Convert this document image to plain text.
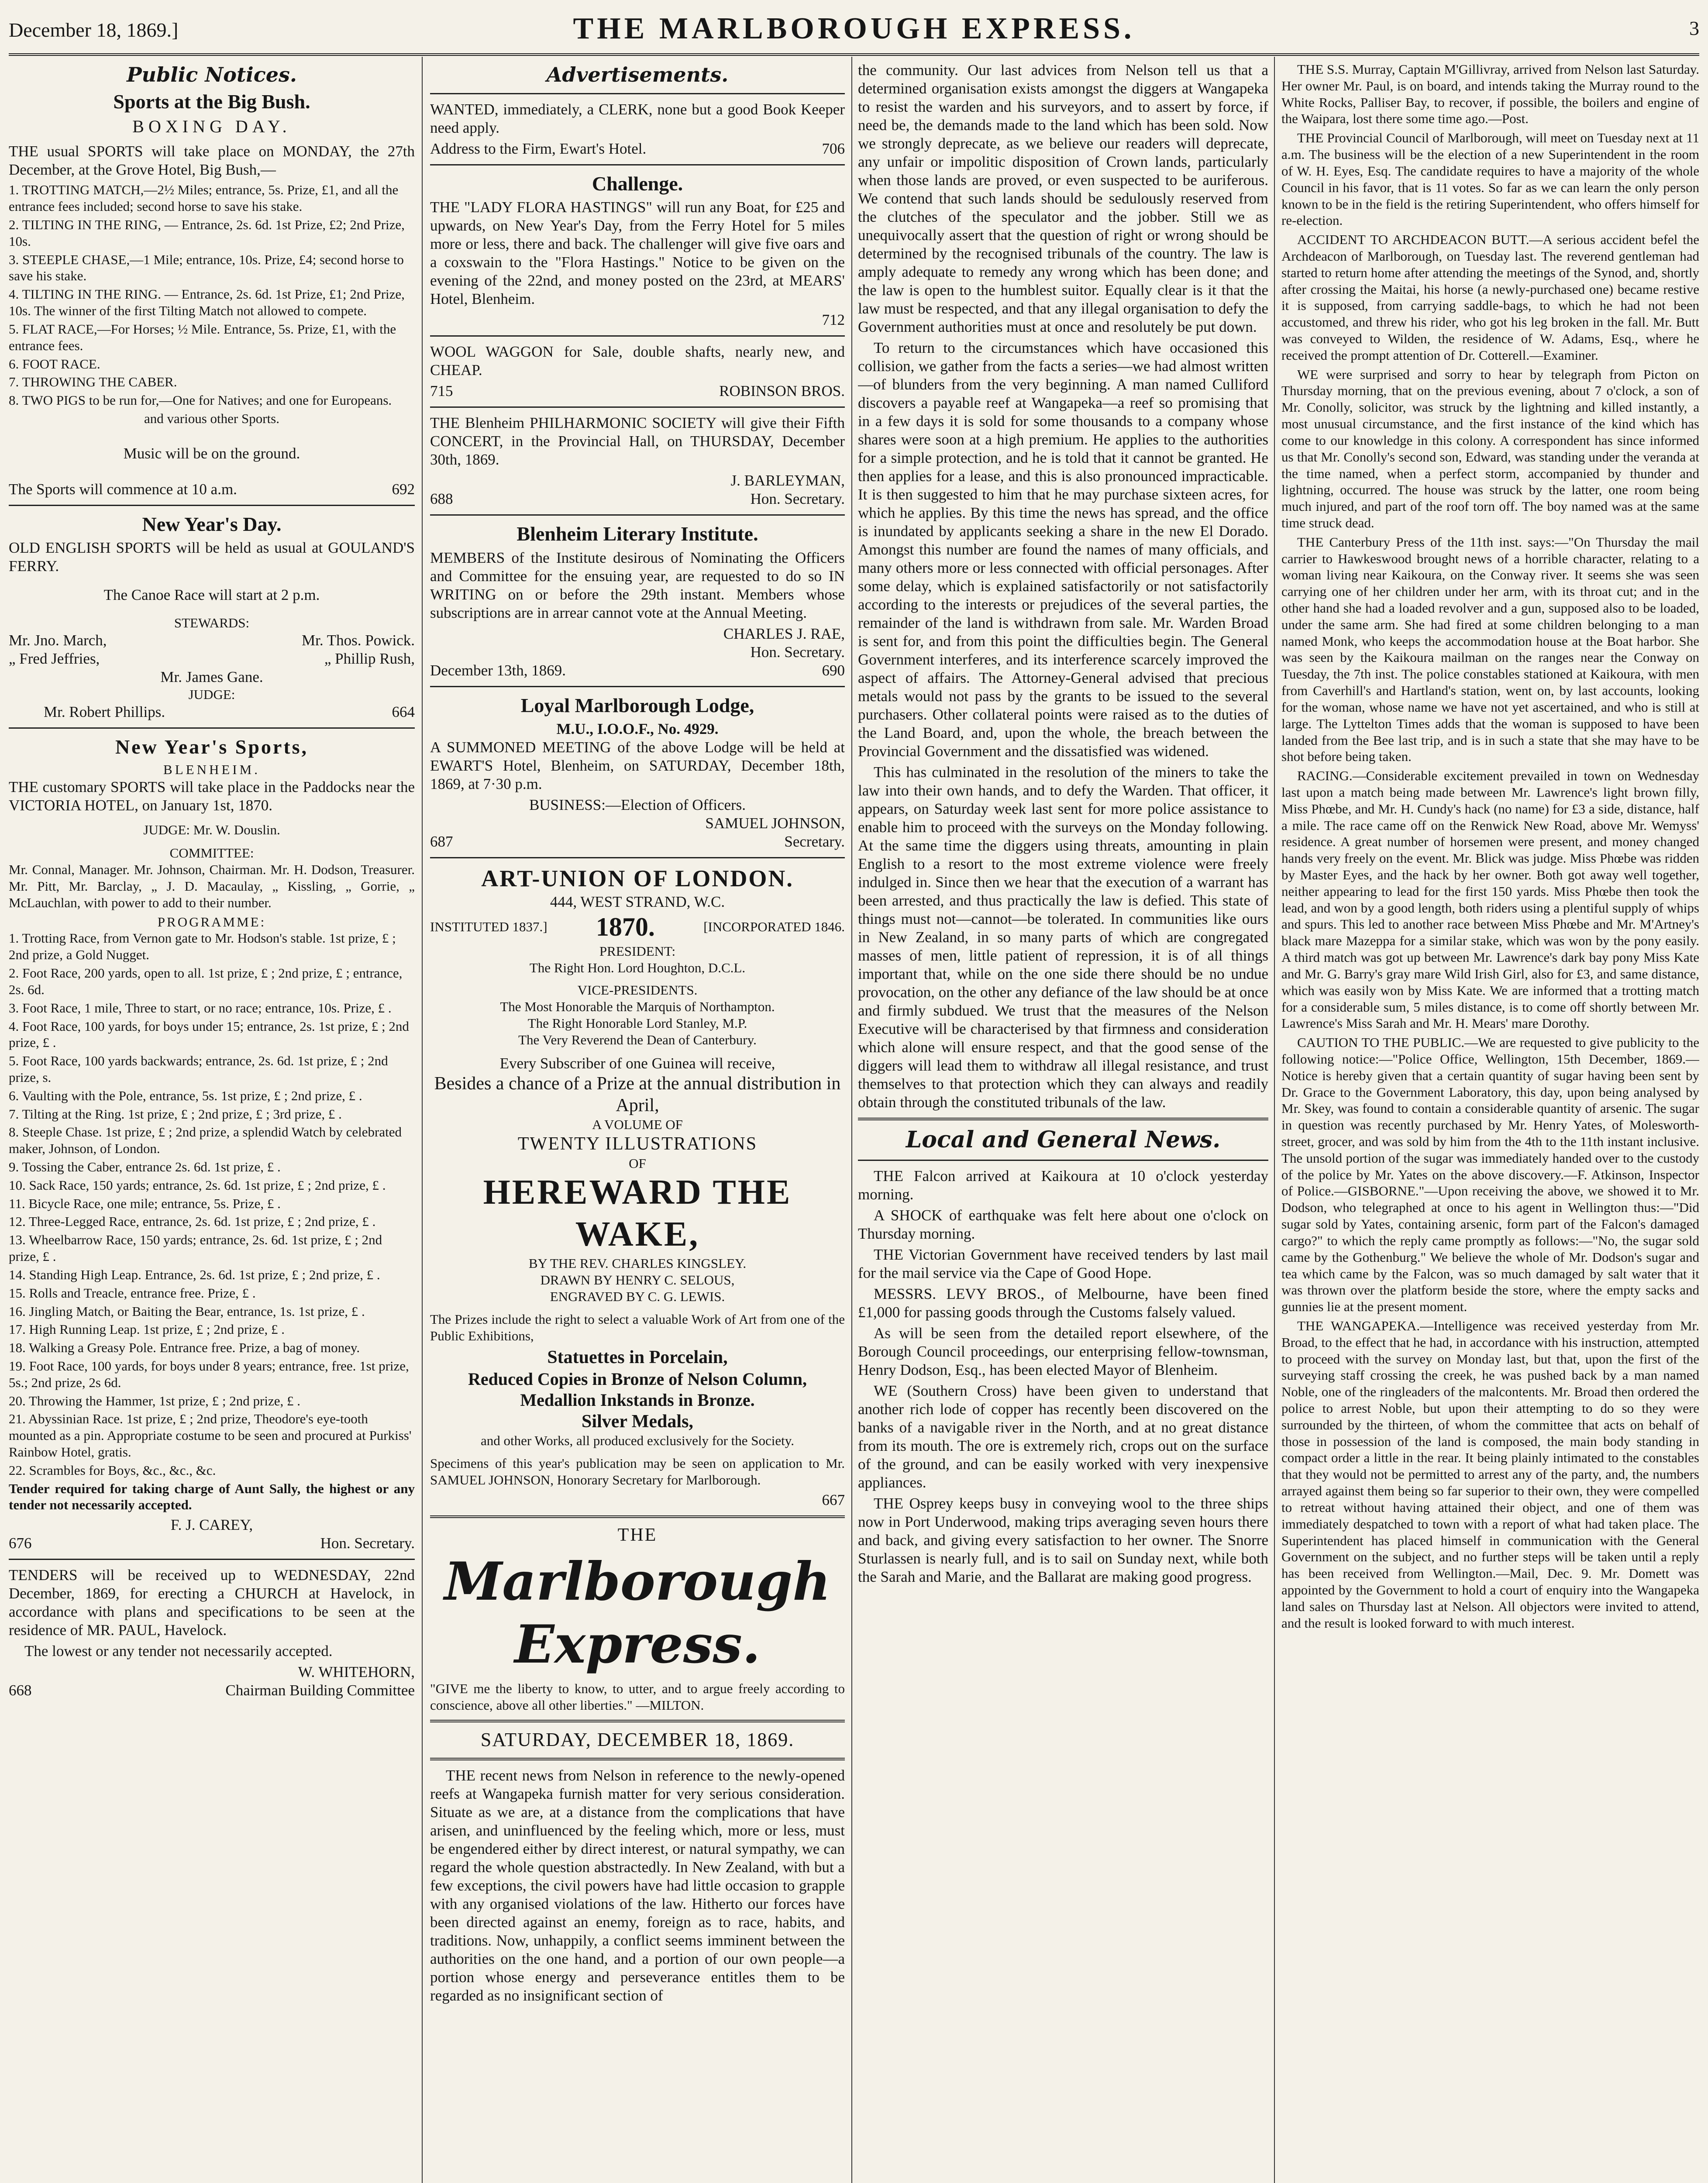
December 18, 1869.]	THE MARLBOROUGH EXPRESS.	3
Public Notices.
Sports at the Big Bush.
BOXING DAY.

THE usual SPORTS will take place on MONDAY, the 27th December, at the Grove Hotel, Big Bush,—

1. TROTTING MATCH,—2½ Miles; entrance, 5s. Prize, £1, and all the entrance fees included; second horse to save his stake.

2. TILTING IN THE RING, — Entrance, 2s. 6d. 1st Prize, £2; 2nd Prize, 10s.

3. STEEPLE CHASE,—1 Mile; entrance, 10s. Prize, £4; second horse to save his stake.

4. TILTING IN THE RING. — Entrance, 2s. 6d. 1st Prize, £1; 2nd Prize, 10s. The winner of the first Tilting Match not allowed to compete.

5. FLAT RACE,—For Horses; ½ Mile. Entrance, 5s. Prize, £1, with the entrance fees.

6. FOOT RACE.

7. THROWING THE CABER.

8. TWO PIGS to be run for,—One for Natives; and one for Europeans.

and various other Sports.
Music will be on the ground.
The Sports will commence at 10 a.m.	692
New Year's Day.

OLD ENGLISH SPORTS will be held as usual at GOULAND'S FERRY.

The Canoe Race will start at 2 p.m.
STEWARDS:
Mr. Jno. March,	Mr. Thos. Powick.
„ Fred Jeffries,	„ Phillip Rush,
Mr. James Gane.
JUDGE:
Mr. Robert Phillips.	664
New Year's Sports,
BLENHEIM.

THE customary SPORTS will take place in the Paddocks near the VICTORIA HOTEL, on January 1st, 1870.

JUDGE: Mr. W. Douslin.
COMMITTEE:

Mr. Connal, Manager. Mr. Johnson, Chairman. Mr. H. Dodson, Treasurer. Mr. Pitt, Mr. Barclay, „ J. D. Macaulay, „ Kissling, „ Gorrie, „ McLauchlan, with power to add to their number.

PROGRAMME:

1. Trotting Race, from Vernon gate to Mr. Hodson's stable. 1st prize, £ ; 2nd prize, a Gold Nugget.

2. Foot Race, 200 yards, open to all. 1st prize, £ ; 2nd prize, £ ; entrance, 2s. 6d.

3. Foot Race, 1 mile, Three to start, or no race; entrance, 10s. Prize, £ .

4. Foot Race, 100 yards, for boys under 15; entrance, 2s. 1st prize, £ ; 2nd prize, £ .

5. Foot Race, 100 yards backwards; entrance, 2s. 6d. 1st prize, £ ; 2nd prize, s.

6. Vaulting with the Pole, entrance, 5s. 1st prize, £ ; 2nd prize, £ .

7. Tilting at the Ring. 1st prize, £ ; 2nd prize, £ ; 3rd prize, £ .

8. Steeple Chase. 1st prize, £ ; 2nd prize, a splendid Watch by celebrated maker, Johnson, of London.

9. Tossing the Caber, entrance 2s. 6d. 1st prize, £ .

10. Sack Race, 150 yards; entrance, 2s. 6d. 1st prize, £ ; 2nd prize, £ .

11. Bicycle Race, one mile; entrance, 5s. Prize, £ .

12. Three-Legged Race, entrance, 2s. 6d. 1st prize, £ ; 2nd prize, £ .

13. Wheelbarrow Race, 150 yards; entrance, 2s. 6d. 1st prize, £ ; 2nd prize, £ .

14. Standing High Leap. Entrance, 2s. 6d. 1st prize, £ ; 2nd prize, £ .

15. Rolls and Treacle, entrance free. Prize, £ .

16. Jingling Match, or Baiting the Bear, entrance, 1s. 1st prize, £ .

17. High Running Leap. 1st prize, £ ; 2nd prize, £ .

18. Walking a Greasy Pole. Entrance free. Prize, a bag of money.

19. Foot Race, 100 yards, for boys under 8 years; entrance, free. 1st prize, 5s.; 2nd prize, 2s 6d.

20. Throwing the Hammer, 1st prize, £ ; 2nd prize, £ .

21. Abyssinian Race. 1st prize, £ ; 2nd prize, Theodore's eye-tooth mounted as a pin. Appropriate costume to be seen and procured at Purkiss' Rainbow Hotel, gratis.

22. Scrambles for Boys, &c., &c., &c.

Tender required for taking charge of Aunt Sally, the highest or any tender not necessarily accepted.

F. J. CAREY,
676	Hon. Secretary.

TENDERS will be received up to WEDNESDAY, 22nd December, 1869, for erecting a CHURCH at Havelock, in accordance with plans and specifications to be seen at the residence of MR. PAUL, Havelock.

The lowest or any tender not necessarily accepted.

W. WHITEHORN,
668	Chairman Building Committee
Advertisements.

WANTED, immediately, a CLERK, none but a good Book Keeper need apply.

Address to the Firm, Ewart's Hotel.	706
Challenge.

THE "LADY FLORA HASTINGS" will run any Boat, for £25 and upwards, on New Year's Day, from the Ferry Hotel for 5 miles more or less, there and back. The challenger will give five oars and a coxswain to the "Flora Hastings." Notice to be given on the evening of the 22nd, and money posted on the 23rd, at MEARS' Hotel, Blenheim.

712

WOOL WAGGON for Sale, double shafts, nearly new, and CHEAP.

715	ROBINSON BROS.

THE Blenheim PHILHARMONIC SOCIETY will give their Fifth CONCERT, in the Provincial Hall, on THURSDAY, December 30th, 1869.

J. BARLEYMAN,
688	Hon. Secretary.
Blenheim Literary Institute.

MEMBERS of the Institute desirous of Nominating the Officers and Committee for the ensuing year, are requested to do so IN WRITING on or before the 29th instant. Members whose subscriptions are in arrear cannot vote at the Annual Meeting.

CHARLES J. RAE,
Hon. Secretary.
December 13th, 1869.	690
Loyal Marlborough Lodge,
M.U., I.O.O.F., No. 4929.

A SUMMONED MEETING of the above Lodge will be held at EWART'S Hotel, Blenheim, on SATURDAY, December 18th, 1869, at 7·30 p.m.

BUSINESS:—Election of Officers.
SAMUEL JOHNSON,
687	Secretary.
ART-UNION OF LONDON.
444, WEST STRAND, W.C.
INSTITUTED 1837.] 1870.	[INCORPORATED 1846.
PRESIDENT:
The Right Hon. Lord Houghton, D.C.L.
VICE-PRESIDENTS.
The Most Honorable the Marquis of Northampton.
The Right Honorable Lord Stanley, M.P.
The Very Reverend the Dean of Canterbury.
Every Subscriber of one Guinea will receive,
Besides a chance of a Prize at the annual distribution in April,
A VOLUME OF
TWENTY ILLUSTRATIONS
OF
HEREWARD THE WAKE,
BY THE REV. CHARLES KINGSLEY.
DRAWN BY HENRY C. SELOUS,
ENGRAVED BY C. G. LEWIS.

The Prizes include the right to select a valuable Work of Art from one of the Public Exhibitions,

Statuettes in Porcelain,
Reduced Copies in Bronze of Nelson Column, Medallion Inkstands in Bronze.
Silver Medals,
and other Works, all produced exclusively for the Society.

Specimens of this year's publication may be seen on application to Mr. SAMUEL JOHNSON, Honorary Secretary for Marlborough.

667
THE
Marlborough Express.

"GIVE me the liberty to know, to utter, and to argue freely according to conscience, above all other liberties." —MILTON.

SATURDAY, DECEMBER 18, 1869.

THE recent news from Nelson in reference to the newly-opened reefs at Wangapeka furnish matter for very serious consideration. Situate as we are, at a distance from the complications that have arisen, and uninfluenced by the feeling which, more or less, must be engendered either by direct interest, or natural sympathy, we can regard the whole question abstractedly. In New Zealand, with but a few exceptions, the civil powers have had little occasion to grapple with any organised violations of the law. Hitherto our forces have been directed against an enemy, foreign as to race, habits, and traditions. Now, unhappily, a conflict seems imminent between the authorities on the one hand, and a portion of our own people—a portion whose energy and perseverance entitles them to be regarded as no insignificant section of

the community. Our last advices from Nelson tell us that a determined organisation exists amongst the diggers at Wangapeka to resist the warden and his surveyors, and to assert by force, if need be, the demands made to the land which has been sold. Now we strongly deprecate, as we believe our readers will deprecate, any unfair or impolitic disposition of Crown lands, particularly when those lands are proved, or even suspected to be auriferous. We contend that such lands should be sedulously reserved from the clutches of the speculator and the jobber. Still we as unequivocally assert that the question of right or wrong should be determined by the recognised tribunals of the country. The law is amply adequate to remedy any wrong which has been done; and the law is open to the humblest suitor. Equally clear is it that the law must be respected, and that any illegal organisation to defy the Government authorities must at once and resolutely be put down.

To return to the circumstances which have occasioned this collision, we gather from the facts a series—we had almost written—of blunders from the very beginning. A man named Culliford discovers a payable reef at Wangapeka—a reef so promising that in a few days it is sold for some thousands to a company whose shares were soon at a high premium. He applies to the authorities for a simple protection, and he is told that it cannot be granted. He then applies for a lease, and this is also pronounced impracticable. It is then suggested to him that he may purchase sixteen acres, for which he applies. By this time the news has spread, and the office is inundated by applicants seeking a share in the new El Dorado. Amongst this number are found the names of many officials, and many others more or less connected with official personages. After some delay, which is explained satisfactorily or not satisfactorily according to the interests or prejudices of the several parties, the remainder of the land is withdrawn from sale. Mr. Warden Broad is sent for, and from this point the difficulties begin. The General Government interferes, and its interference scarcely improved the aspect of affairs. The Attorney-General advised that precious metals would not pass by the grants to be issued to the several purchasers. Other collateral points were raised as to the duties of the Land Board, and, upon the whole, the breach between the Provincial Government and the dissatisfied was widened.

This has culminated in the resolution of the miners to take the law into their own hands, and to defy the Warden. That officer, it appears, on Saturday week last sent for more police assistance to enable him to proceed with the surveys on the Monday following. At the same time the diggers using threats, amounting in plain English to a resort to the most extreme violence were freely indulged in. Since then we hear that the execution of a warrant has been arrested, and thus practically the law is defied. This state of things must not—cannot—be tolerated. In communities like ours in New Zealand, in so many parts of which are congregated masses of men, little patient of repression, it is of all things important that, while on the one side there should be no undue provocation, on the other any defiance of the law should be at once and firmly subdued. We trust that the measures of the Nelson Executive will be characterised by that firmness and consideration which alone will ensure respect, and that the good sense of the diggers will lead them to withdraw all illegal resistance, and trust themselves to that protection which they can always and readily obtain through the constituted tribunals of the law.

Local and General News.

THE Falcon arrived at Kaikoura at 10 o'clock yesterday morning.

A SHOCK of earthquake was felt here about one o'clock on Thursday morning.

THE Victorian Government have received tenders by last mail for the mail service via the Cape of Good Hope.

MESSRS. LEVY BROS., of Melbourne, have been fined £1,000 for passing goods through the Customs falsely valued.

As will be seen from the detailed report elsewhere, of the Borough Council proceedings, our enterprising fellow-townsman, Henry Dodson, Esq., has been elected Mayor of Blenheim.

WE (Southern Cross) have been given to understand that another rich lode of copper has recently been discovered on the banks of a navigable river in the North, and at no great distance from its mouth. The ore is extremely rich, crops out on the surface of the ground, and can be easily worked with very inexpensive appliances.

THE Osprey keeps busy in conveying wool to the three ships now in Port Underwood, making trips averaging seven hours there and back, and giving every satisfaction to her owner. The Snorre Sturlassen is nearly full, and is to sail on Sunday next, while both the Sarah and Marie, and the Ballarat are making good progress.

THE S.S. Murray, Captain M'Gillivray, arrived from Nelson last Saturday. Her owner Mr. Paul, is on board, and intends taking the Murray round to the White Rocks, Palliser Bay, to recover, if possible, the boilers and engine of the Waipara, lost there some time ago.—Post.

THE Provincial Council of Marlborough, will meet on Tuesday next at 11 a.m. The business will be the election of a new Superintendent in the room of W. H. Eyes, Esq. The candidate requires to have a majority of the whole Council in his favor, that is 11 votes. So far as we can learn the only person known to be in the field is the retiring Superintendent, who offers himself for re-election.

ACCIDENT TO ARCHDEACON BUTT.—A serious accident befel the Archdeacon of Marlborough, on Tuesday last. The reverend gentleman had started to return home after attending the meetings of the Synod, and, shortly after crossing the Maitai, his horse (a newly-purchased one) became restive it is supposed, from carrying saddle-bags, to which he had not been accustomed, and threw his rider, who got his leg broken in the fall. Mr. Butt was conveyed to Wilden, the residence of W. Adams, Esq., where he received the prompt attention of Dr. Cotterell.—Examiner.

WE were surprised and sorry to hear by telegraph from Picton on Thursday morning, that on the previous evening, about 7 o'clock, a son of Mr. Conolly, solicitor, was struck by the lightning and killed instantly, a most unusual circumstance, and the first instance of the kind which has come to our knowledge in this colony. A correspondent has since informed us that Mr. Conolly's second son, Edward, was standing under the veranda at the time named, when a perfect storm, accompanied by thunder and lightning, occurred. The house was struck by the latter, one room being much injured, and part of the roof torn off. The boy named was at the same time struck dead.

THE Canterbury Press of the 11th inst. says:—"On Thursday the mail carrier to Hawkeswood brought news of a horrible character, relating to a woman living near Kaikoura, on the Conway river. It seems she was seen carrying one of her children under her arm, with its throat cut; and in the other hand she had a loaded revolver and a gun, supposed also to be loaded, under the same arm. She had fired at some children belonging to a man named Monk, who keeps the accommodation house at the Boat harbor. She was seen by the Kaikoura mailman on the ranges near the Conway on Tuesday, the 7th inst. The police constables stationed at Kaikoura, with men from Caverhill's and Hartland's station, went on, by last accounts, looking for the woman, whose name we have not yet ascertained, and who is still at large. The Lyttelton Times adds that the woman is supposed to have been landed from the Bee last trip, and is in such a state that she may have to be shot before being taken.

RACING.—Considerable excitement prevailed in town on Wednesday last upon a match being made between Mr. Lawrence's light brown filly, Miss Phœbe, and Mr. H. Cundy's hack (no name) for £3 a side, distance, half a mile. The race came off on the Renwick New Road, above Mr. Wemyss' residence. A great number of horsemen were present, and money changed hands very freely on the event. Mr. Blick was judge. Miss Phœbe was ridden by Master Eyes, and the hack by her owner. Both got away well together, neither appearing to lead for the first 150 yards. Miss Phœbe then took the lead, and won by a good length, both riders using a plentiful supply of whips and spurs. This led to another race between Miss Phœbe and Mr. M'Artney's black mare Mazeppa for a similar stake, which was won by the pony easily. A third match was got up between Mr. Lawrence's dark bay pony Miss Kate and Mr. G. Barry's gray mare Wild Irish Girl, also for £3, and same distance, which was easily won by Miss Kate. We are informed that a trotting match for a considerable sum, 5 miles distance, is to come off shortly between Mr. Lawrence's Miss Sarah and Mr. H. Mears' mare Dorothy.

CAUTION TO THE PUBLIC.—We are requested to give publicity to the following notice:—"Police Office, Wellington, 15th December, 1869.—Notice is hereby given that a certain quantity of sugar having been sent by Dr. Grace to the Government Laboratory, this day, upon being analysed by Mr. Skey, was found to contain a considerable quantity of arsenic. The sugar in question was recently purchased by Mr. Henry Yates, of Molesworth-street, grocer, and was sold by him from the 4th to the 11th instant inclusive. The unsold portion of the sugar was immediately handed over to the custody of the police by Mr. Yates on the above discovery.—F. Atkinson, Inspector of Police.—GISBORNE."—Upon receiving the above, we showed it to Mr. Dodson, who telegraphed at once to his agent in Wellington thus:—"Did sugar sold by Yates, containing arsenic, form part of the Falcon's damaged cargo?" to which the reply came promptly as follows:—"No, the sugar sold came by the Gothenburg." We believe the whole of Mr. Dodson's sugar and tea which came by the Falcon, was so much damaged by salt water that it was thrown over the platform beside the store, where the empty sacks and gunnies lie at the present moment.

THE WANGAPEKA.—Intelligence was received yesterday from Mr. Broad, to the effect that he had, in accordance with his instruction, attempted to proceed with the survey on Monday last, but that, upon the first of the surveying staff crossing the creek, he was pushed back by a man named Noble, one of the ringleaders of the malcontents. Mr. Broad then ordered the police to arrest Noble, but upon their attempting to do so they were surrounded by the thirteen, of whom the committee that acts on behalf of those in possession of the land is composed, the main body standing in compact order a little in the rear. It being plainly intimated to the constables that they would not be permitted to arrest any of the party, and, the numbers arrayed against them being so far superior to their own, they were compelled to retreat without having attained their object, and one of them was immediately despatched to town with a report of what had taken place. The Superintendent has placed himself in communication with the General Government on the subject, and no further steps will be taken until a reply has been received from Wellington.—Mail, Dec. 9. Mr. Domett was appointed by the Government to hold a court of enquiry into the Wangapeka land sales on Thursday last at Nelson. All objectors were invited to attend, and the result is looked forward to with much interest.
